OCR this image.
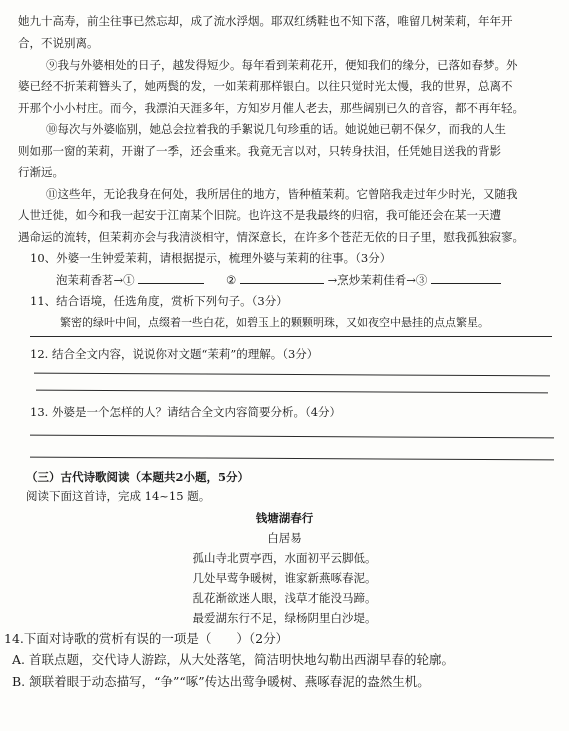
她九十高寿，前尘往事已然忘却，成了流水浮烟。耶双红绣鞋也不知下落，唯留几树茉莉，年年开
合，不说别离。
⑨我与外婆相处的日子，越发得短少。每年看到茉莉花开，便知我们的缘分，已落如春梦。外
婆已经不折茉莉簪头了，她两鬓的发，一如茉莉那样银白。以往只觉时光太慢，我的世界，总离不
开那个小小村庄。而今，我漂泊天涯多年，方知岁月催人老去，那些阔别已久的音容，都不再年轻。
⑩每次与外婆临别，她总会拉着我的手絮说几句珍重的话。她说她已朝不保夕，而我的人生
则如那一窗的茉莉，开谢了一季，还会重来。我竟无言以对，只转身扶泪，任凭她目送我的背影
行渐远。
⑪这些年，无论我身在何处，我所居住的地方，皆种植茉莉。它曾陪我走过年少时光，又随我
人世迁徙，如今和我一起安于江南某个旧院。也许这不是我最终的归宿，我可能还会在某一天遭
遇命运的流转，但茉莉亦会与我清淡相守，情深意长，在许多个苍茫无依的日子里，慰我孤独寂寥。
10、外婆一生钟爱茉莉，请根据提示，梳理外婆与茉莉的往事。（3分）
泡茉莉香茗→①	②	→烹炒茉莉佳肴→③
11、结合语境，任选角度，赏析下列句子。（3分）
繁密的绿叶中间，点缀着一些白花，如碧玉上的颗颗明珠，又如夜空中悬挂的点点繁星。
12. 结合全文内容，说说你对文题“茉莉”的理解。（3分）
13. 外婆是一个怎样的人？请结合全文内容简要分析。（4分）
（三）古代诗歌阅读（本题共2小题，5分）
阅读下面这首诗，完成 14~15 题。
钱塘湖春行
白居易
孤山寺北贾亭西，水面初平云脚低。
几处早莺争暖树，谁家新燕啄春泥。
乱花渐欲迷人眼，浅草才能没马蹄。
最爱湖东行不足，绿杨阴里白沙堤。
14.下面对诗歌的赏析有误的一项是（　　）（2分）
A. 首联点题，交代诗人游踪，从大处落笔，简洁明快地勾勒出西湖早春的轮廓。
B. 颔联着眼于动态描写，“争”“啄”传达出莺争暖树、燕啄春泥的盎然生机。
